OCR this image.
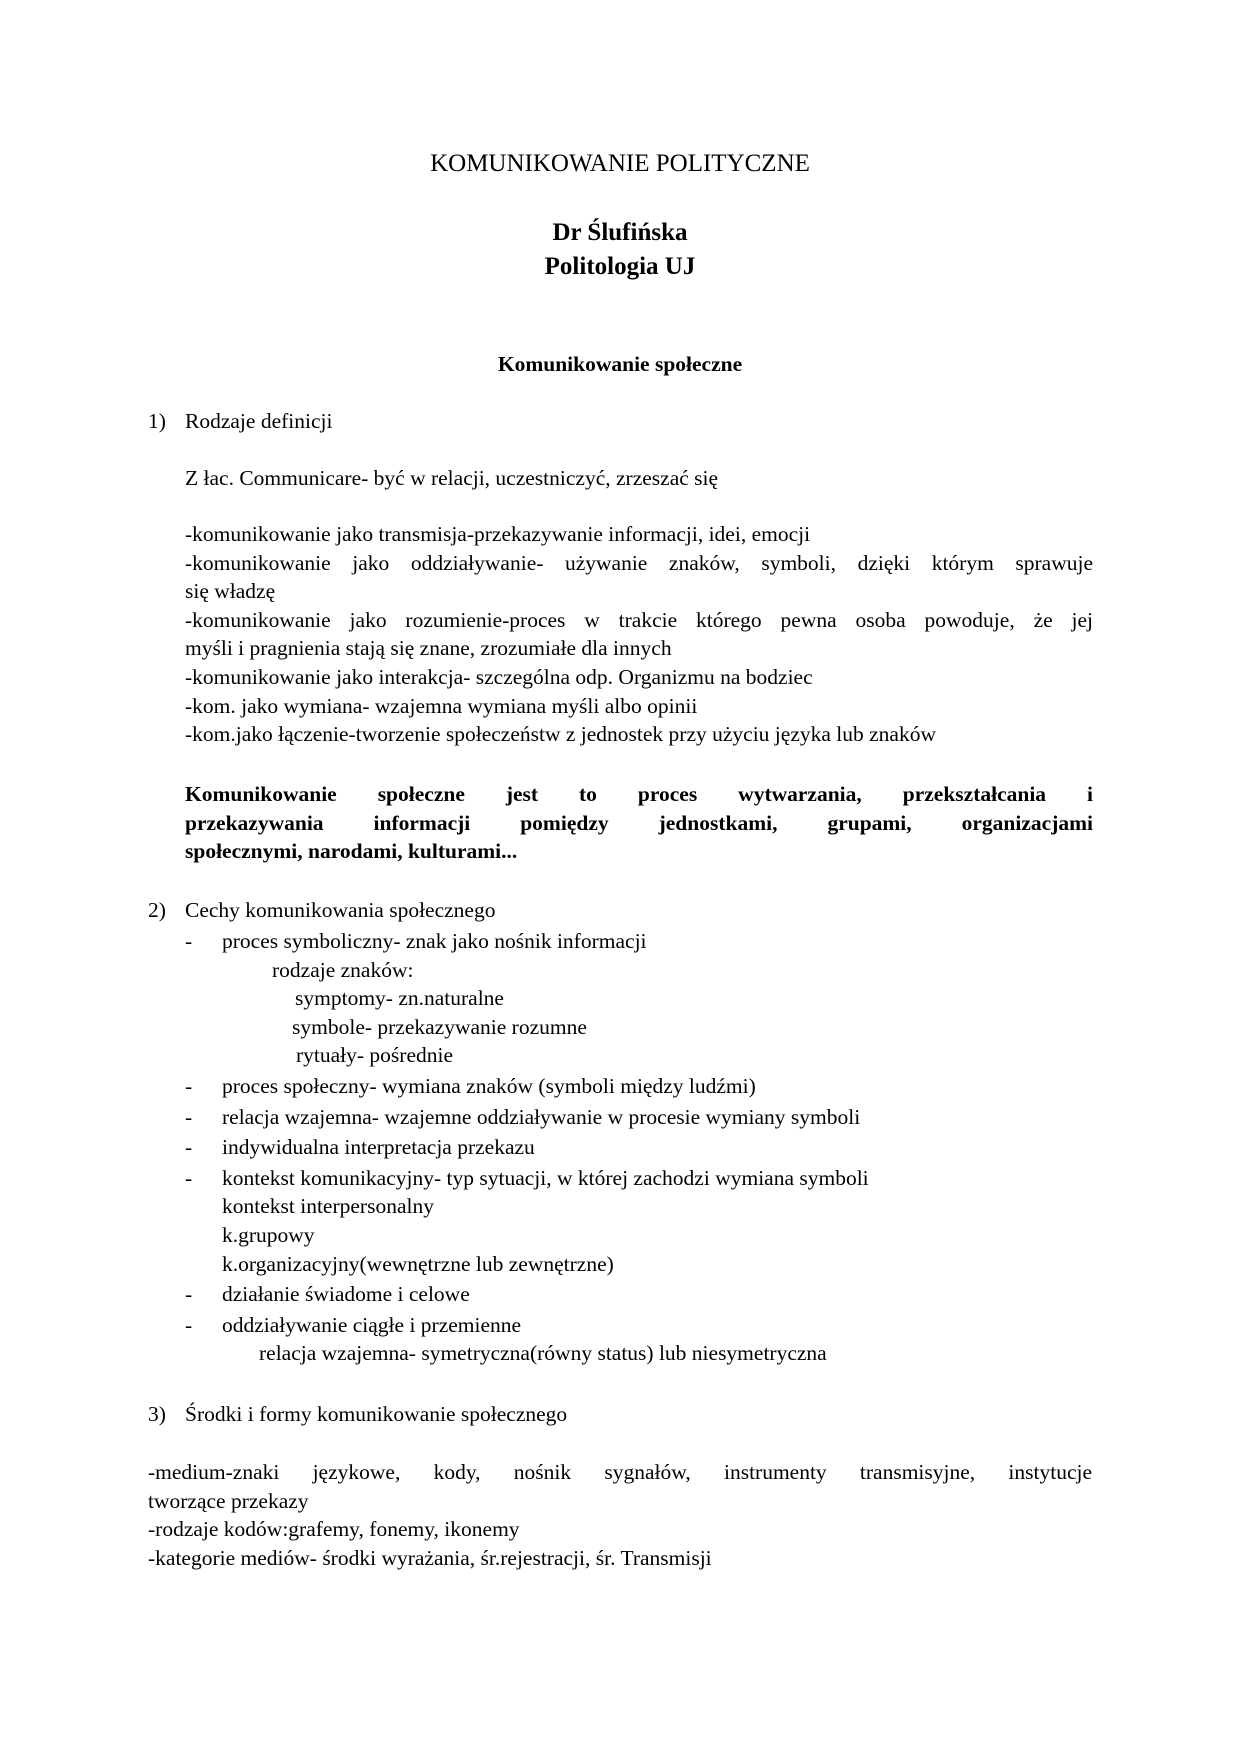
KOMUNIKOWANIE POLITYCZNE
Dr Ślufińska
Politologia UJ
Komunikowanie społeczne
1) Rodzaje definicji
Z łac. Communicare- być w relacji, uczestniczyć, zrzeszać się
-komunikowanie jako transmisja-przekazywanie informacji, idei, emocji
-komunikowanie jako oddziaływanie- używanie znaków, symboli, dzięki którym sprawuje
się władzę
-komunikowanie jako rozumienie-proces w trakcie którego pewna osoba powoduje, że jej
myśli i pragnienia stają się znane, zrozumiałe dla innych
-komunikowanie jako interakcja- szczególna odp. Organizmu na bodziec
-kom. jako wymiana- wzajemna wymiana myśli albo opinii
-kom.jako łączenie-tworzenie społeczeństw z jednostek przy użyciu języka lub znaków
Komunikowanie społeczne jest to proces wytwarzania, przekształcania i
przekazywania informacji pomiędzy jednostkami, grupami, organizacjami
społecznymi, narodami, kulturami...
2) Cechy komunikowania społecznego
- proces symboliczny- znak jako nośnik informacji
rodzaje znaków:
symptomy- zn.naturalne
symbole- przekazywanie rozumne
rytuały- pośrednie
- proces społeczny- wymiana znaków (symboli między ludźmi)
- relacja wzajemna- wzajemne oddziaływanie w procesie wymiany symboli
- indywidualna interpretacja przekazu
- kontekst komunikacyjny- typ sytuacji, w której zachodzi wymiana symboli
kontekst interpersonalny
k.grupowy
k.organizacyjny(wewnętrzne lub zewnętrzne)
- działanie świadome i celowe
- oddziaływanie ciągłe i przemienne
relacja wzajemna- symetryczna(równy status) lub niesymetryczna
3) Środki i formy komunikowanie społecznego
-medium-znaki językowe, kody, nośnik sygnałów, instrumenty transmisyjne, instytucje
tworzące przekazy
-rodzaje kodów:grafemy, fonemy, ikonemy
-kategorie mediów- środki wyrażania, śr.rejestracji, śr. Transmisji
